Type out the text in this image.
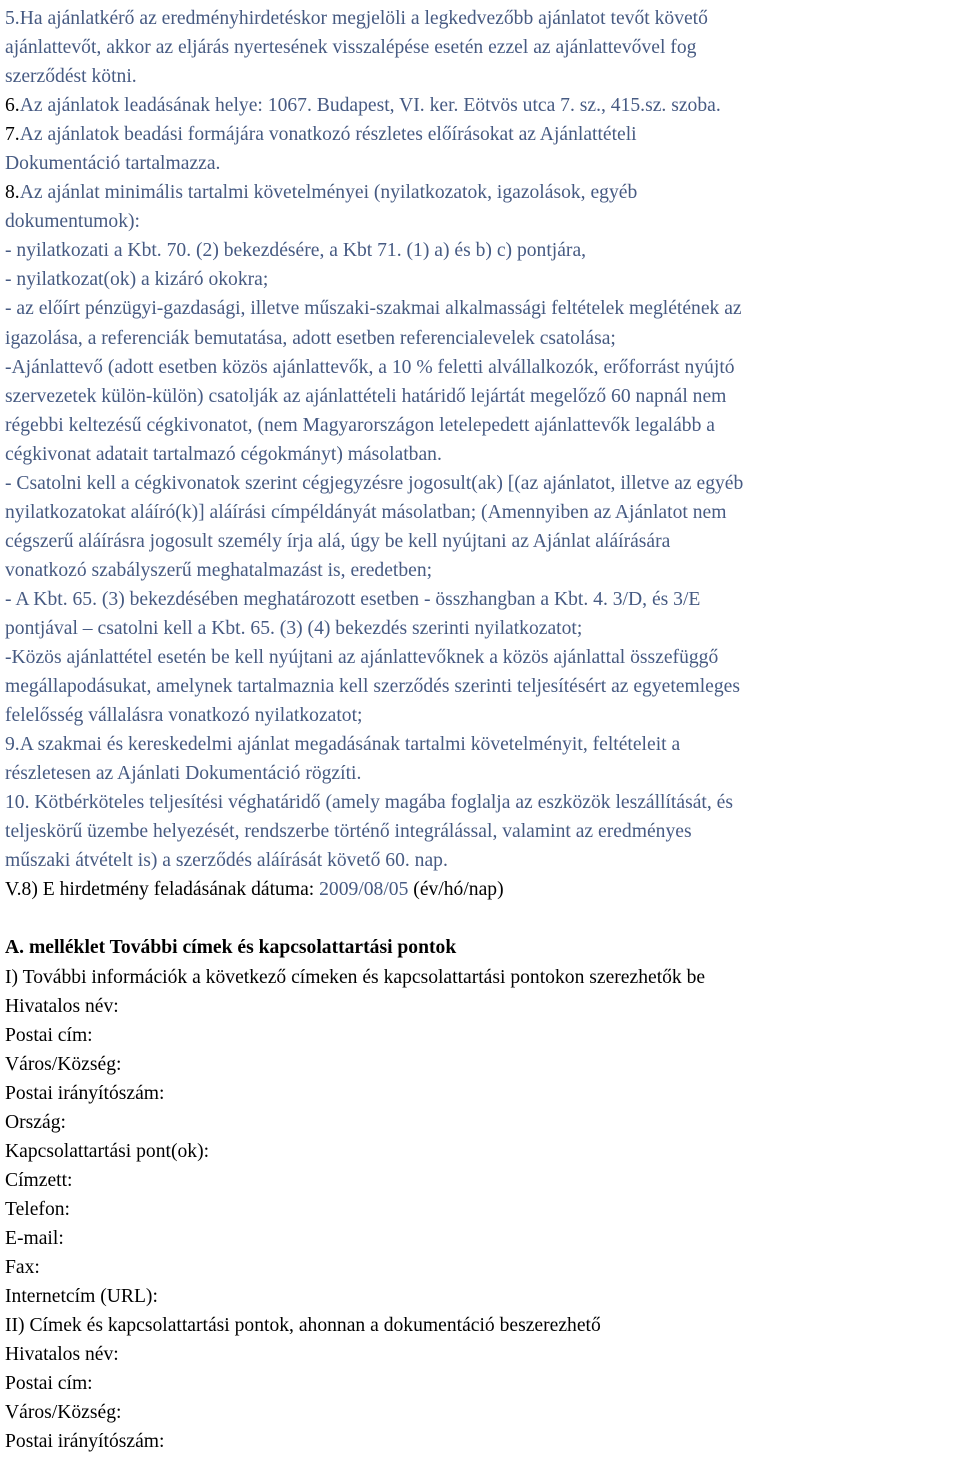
5.Ha ajánlatkérő az eredményhirdetéskor megjelöli a legkedvezőbb ajánlatot tevőt követő
ajánlattevőt, akkor az eljárás nyertesének visszalépése esetén ezzel az ajánlattevővel fog
szerződést kötni.
6.Az ajánlatok leadásának helye: 1067. Budapest, VI. ker. Eötvös utca 7. sz., 415.sz. szoba.
7.Az ajánlatok beadási formájára vonatkozó részletes előírásokat az Ajánlattételi
Dokumentáció tartalmazza.
8.Az ajánlat minimális tartalmi követelményei (nyilatkozatok, igazolások, egyéb
dokumentumok):
- nyilatkozati a Kbt. 70. (2) bekezdésére, a Kbt 71. (1) a) és b) c) pontjára,
- nyilatkozat(ok) a kizáró okokra;
- az előírt pénzügyi-gazdasági, illetve műszaki-szakmai alkalmassági feltételek meglétének az
igazolása, a referenciák bemutatása, adott esetben referencialevelek csatolása;
-Ajánlattevő (adott esetben közös ajánlattevők, a 10 % feletti alvállalkozók, erőforrást nyújtó
szervezetek külön-külön) csatolják az ajánlattételi határidő lejártát megelőző 60 napnál nem
régebbi keltezésű cégkivonatot, (nem Magyarországon letelepedett ajánlattevők legalább a
cégkivonat adatait tartalmazó cégokmányt) másolatban.
- Csatolni kell a cégkivonatok szerint cégjegyzésre jogosult(ak) [(az ajánlatot, illetve az egyéb
nyilatkozatokat aláíró(k)] aláírási címpéldányát másolatban; (Amennyiben az Ajánlatot nem
cégszerű aláírásra jogosult személy írja alá, úgy be kell nyújtani az Ajánlat aláírására
vonatkozó szabályszerű meghatalmazást is, eredetben;
- A Kbt. 65. (3) bekezdésében meghatározott esetben - összhangban a Kbt. 4. 3/D, és 3/E
pontjával – csatolni kell a Kbt. 65. (3) (4) bekezdés szerinti nyilatkozatot;
-Közös ajánlattétel esetén be kell nyújtani az ajánlattevőknek a közös ajánlattal összefüggő
megállapodásukat, amelynek tartalmaznia kell szerződés szerinti teljesítésért az egyetemleges
felelősség vállalásra vonatkozó nyilatkozatot;
9.A szakmai és kereskedelmi ajánlat megadásának tartalmi követelményit, feltételeit a
részletesen az Ajánlati Dokumentáció rögzíti.
10. Kötbérköteles teljesítési véghatáridő (amely magába foglalja az eszközök leszállítását, és
teljeskörű üzembe helyezését, rendszerbe történő integrálással, valamint az eredményes
műszaki átvételt is) a szerződés aláírását követő 60. nap.
V.8) E hirdetmény feladásának dátuma: 2009/08/05 (év/hó/nap)
A. melléklet További címek és kapcsolattartási pontok
I) További információk a következő címeken és kapcsolattartási pontokon szerezhetők be
Hivatalos név:
Postai cím:
Város/Község:
Postai irányítószám:
Ország:
Kapcsolattartási pont(ok):
Címzett:
Telefon:
E-mail:
Fax:
Internetcím (URL):
II) Címek és kapcsolattartási pontok, ahonnan a dokumentáció beszerezhető
Hivatalos név:
Postai cím:
Város/Község:
Postai irányítószám:
